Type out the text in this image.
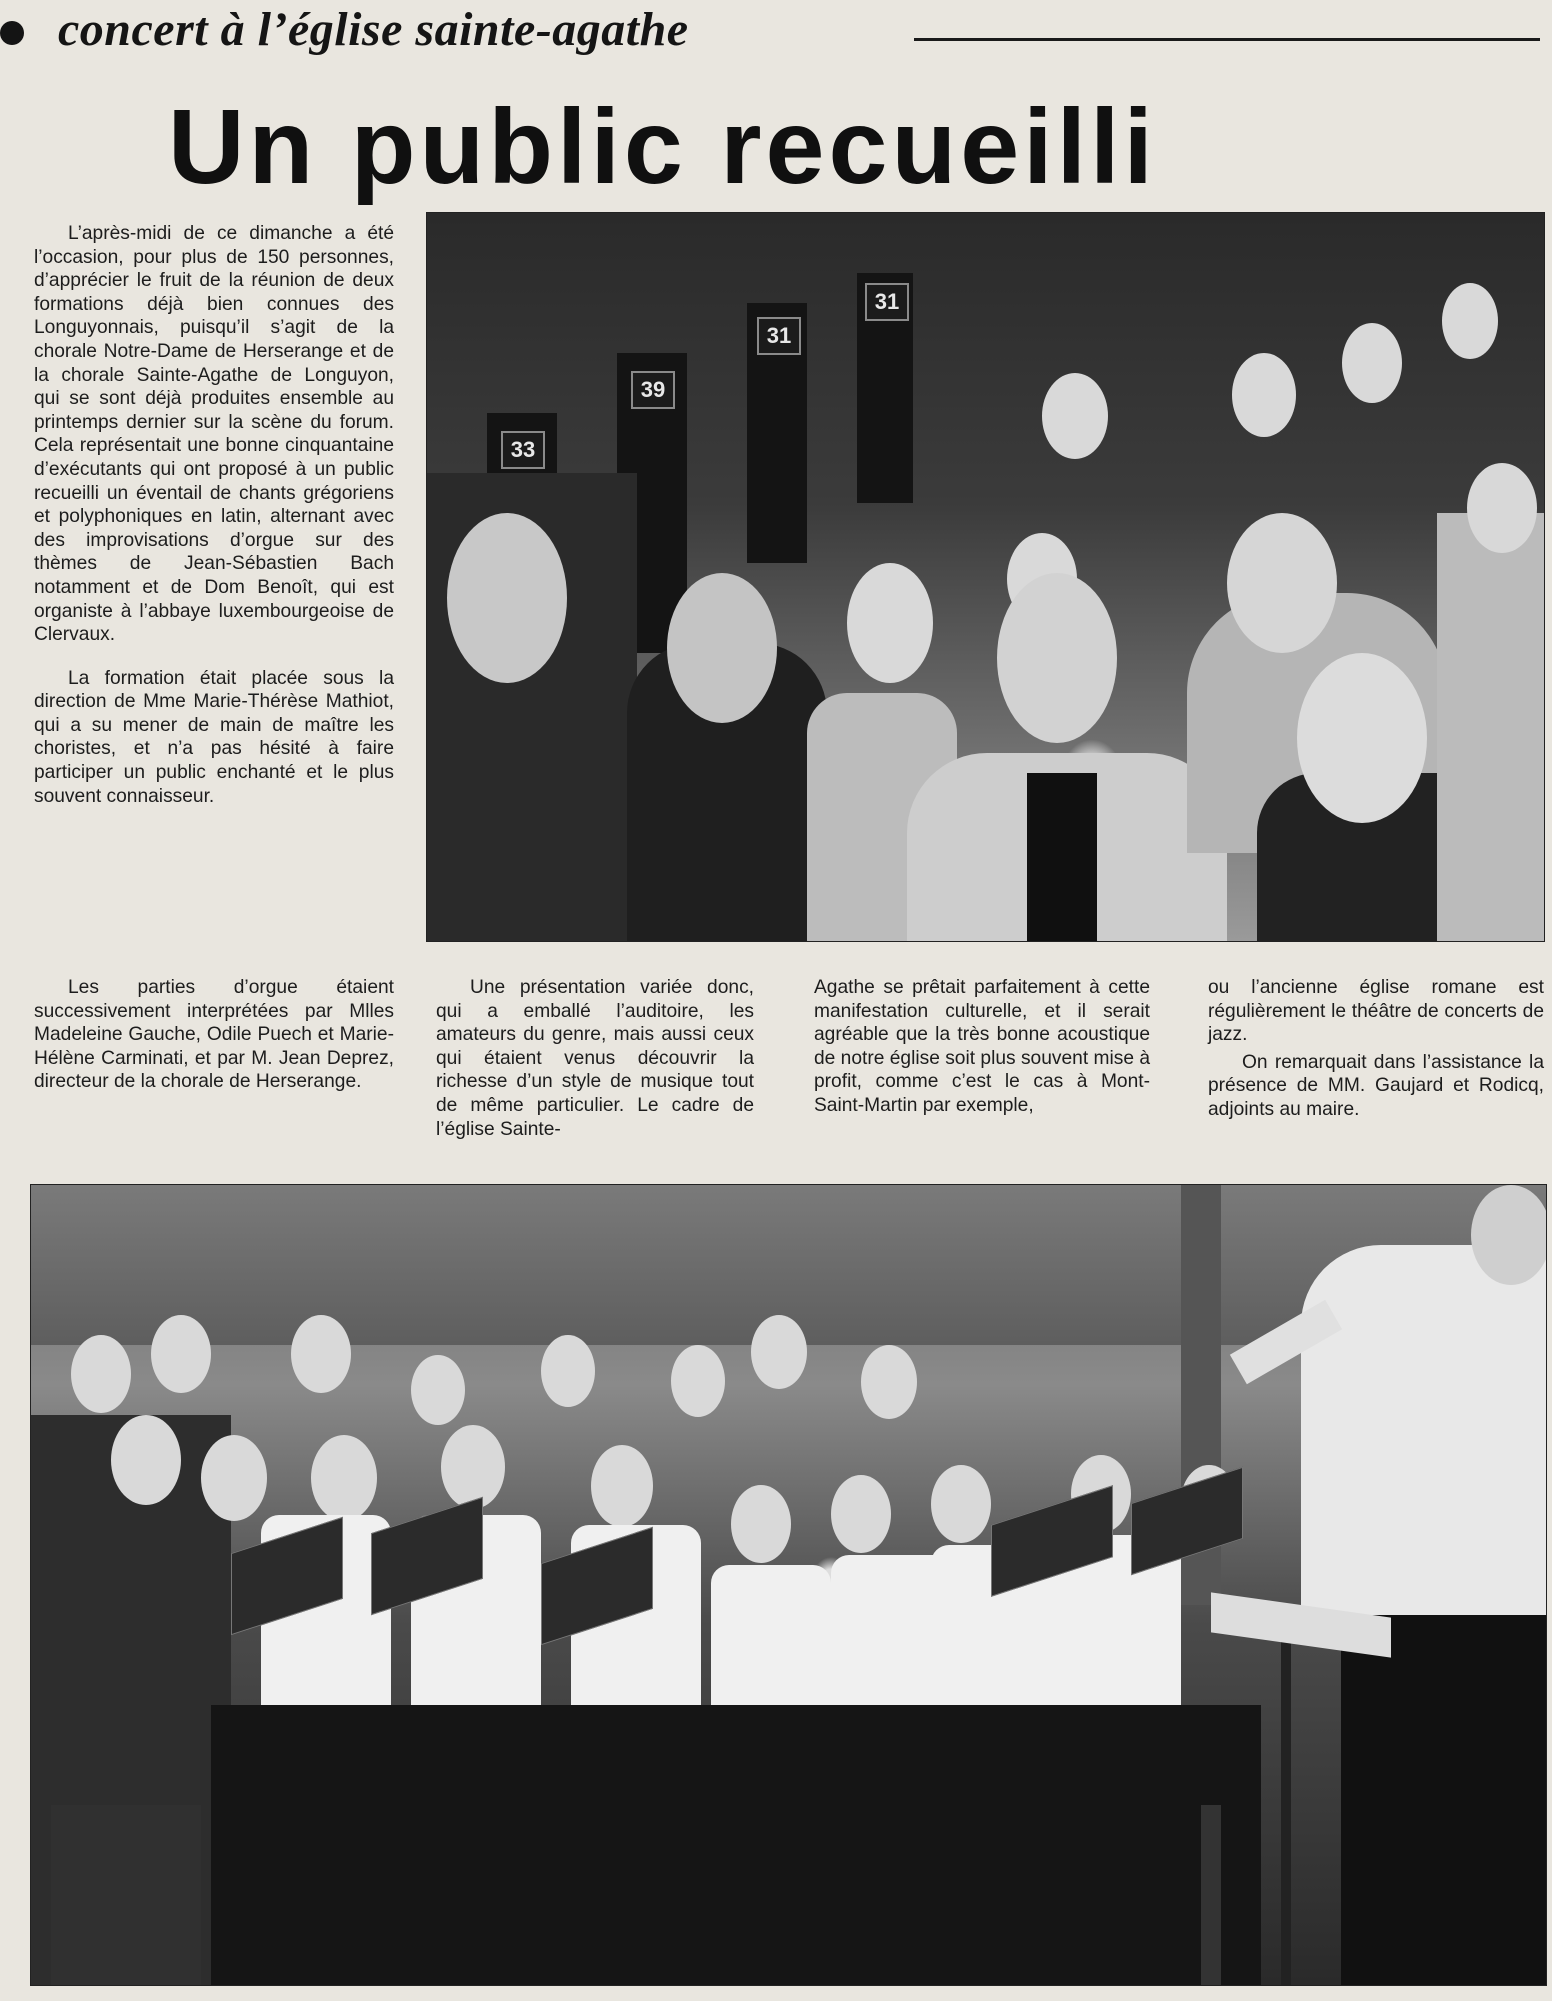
concert à l’église sainte-agathe
Un public recueilli
33
39
31
31

L’après-midi de ce dimanche a été l’occasion, pour plus de 150 personnes, d’apprécier le fruit de la réunion de deux formations déjà bien connues des Longuyonnais, puisqu’il s’agit de la chorale Notre-Dame de Herserange et de la chorale Sainte-Agathe de Longuyon, qui se sont déjà produites ensemble au printemps dernier sur la scène du forum. Cela représentait une bonne cinquantaine d’exécutants qui ont proposé à un public recueilli un éventail de chants grégoriens et polyphoniques en latin, alternant avec des improvisations d’orgue sur des thèmes de Jean-Sébastien Bach notamment et de Dom Benoît, qui est organiste à l’abbaye luxembourgeoise de Clervaux.

La formation était placée sous la direction de Mme Marie-Thérèse Mathiot, qui a su mener de main de maître les choristes, et n’a pas hésité à faire participer un public enchanté et le plus souvent connaisseur.

Les parties d’orgue étaient successivement interprétées par Mlles Madeleine Gauche, Odile Puech et Marie-Hélène Carminati, et par M. Jean Deprez, directeur de la chorale de Herserange.

Une présentation variée donc, qui a emballé l’auditoire, les amateurs du genre, mais aussi ceux qui étaient venus découvrir la richesse d’un style de musique tout de même particulier. Le cadre de l’église Sainte-

Agathe se prêtait parfaitement à cette manifestation culturelle, et il serait agréable que la très bonne acoustique de notre église soit plus souvent mise à profit, comme c’est le cas à Mont-Saint-Martin par exemple,

ou l’ancienne église romane est régulièrement le théâtre de concerts de jazz.

On remarquait dans l’assistance la présence de MM. Gaujard et Rodicq, adjoints au maire.
